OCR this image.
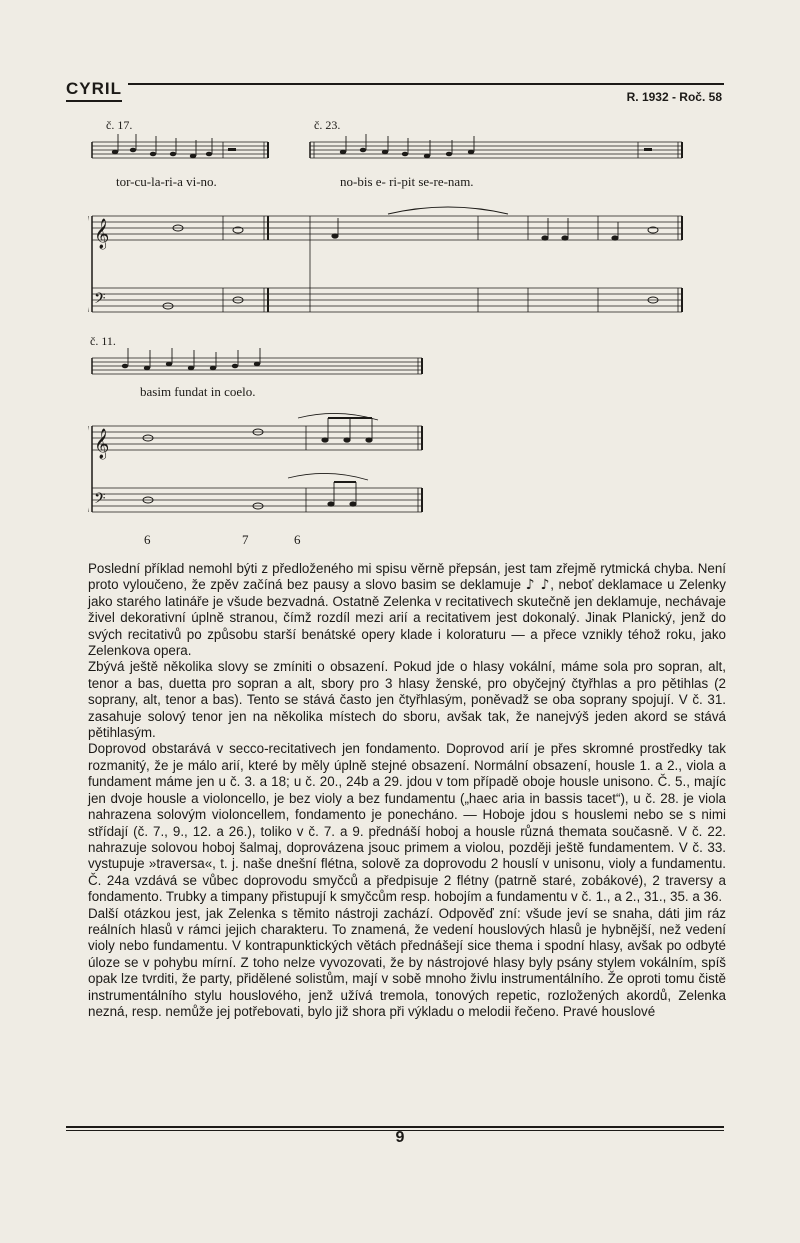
CYRIL	R. 1932 - Roč. 58
𝄞
𝄞
𝄢
𝄢
č. 17.	č. 23.
tor-cu-la-ri-a vi-no.	no-bis e- ri-pit se-re-nam.
č. 11.
basim fundat in coelo.
6	7	6

Poslední příklad nemohl býti z předloženého mi spisu věrně přepsán, jest tam zřejmě rytmická chyba. Není proto vyloučeno, že zpěv začíná bez pausy a slovo basim se deklamuje ♪ ♪, neboť deklamace u Zelenky jako starého latináře je všude bezvadná. Ostatně Zelenka v recitativech skutečně jen deklamuje, nechávaje živel dekorativní úplně stranou, čímž rozdíl mezi arií a recitativem jest dokonalý. Jinak Planický, jenž do svých recitativů po způsobu starší benátské opery klade i koloraturu — a přece vznikly téhož roku, jako Zelenkova opera.

Zbývá ještě několika slovy se zmíniti o obsazení. Pokud jde o hlasy vokální, máme sola pro sopran, alt, tenor a bas, duetta pro sopran a alt, sbory pro 3 hlasy ženské, pro obyčejný čtyřhlas a pro pětihlas (2 soprany, alt, tenor a bas). Tento se stává často jen čtyřhlasým, poněvadž se oba soprany spojují. V č. 31. zasahuje solový tenor jen na několika místech do sboru, avšak tak, že nanejvýš jeden akord se stává pětihlasým.

Doprovod obstarává v secco-recitativech jen fondamento. Doprovod arií je přes skromné prostředky tak rozmanitý, že je málo arií, které by měly úplně stejné obsazení. Normální obsazení, housle 1. a 2., viola a fundament máme jen u č. 3. a 18; u č. 20., 24b a 29. jdou v tom případě oboje housle unisono. Č. 5., majíc jen dvoje housle a violoncello, je bez violy a bez fundamentu („haec aria in bassis tacet“), u č. 28. je viola nahrazena solovým violoncellem, fondamento je ponecháno. — Hoboje jdou s houslemi nebo se s nimi střídají (č. 7., 9., 12. a 26.), toliko v č. 7. a 9. přednáší hoboj a housle různá themata současně. V č. 22. nahrazuje solovou hoboj šalmaj, doprovázena jsouc primem a violou, později ještě fundamentem. V č. 33. vystupuje »traversa«, t. j. naše dnešní flétna, solově za doprovodu 2 houslí v unisonu, violy a fundamentu. Č. 24a vzdává se vůbec doprovodu smyčců a předpisuje 2 flétny (patrně staré, zobákové), 2 traversy a fondamento. Trubky a timpany přistupují k smyčcům resp. hobojím a fundamentu v č. 1., a 2., 31., 35. a 36.

Další otázkou jest, jak Zelenka s těmito nástroji zachází. Odpověď zní: všude jeví se snaha, dáti jim ráz reálních hlasů v rámci jejich charakteru. To znamená, že vedení houslových hlasů je hybnější, než vedení violy nebo fundamentu. V kontrapunktických větách přednášejí sice thema i spodní hlasy, avšak po odbyté úloze se v pohybu mírní. Z toho nelze vyvozovati, že by nástrojové hlasy byly psány stylem vokálním, spíš opak lze tvrditi, že party, přidělené solistům, mají v sobě mnoho živlu instrumentálního. Že oproti tomu čistě instrumentálního stylu houslového, jenž užívá tremola, tonových repetic, rozložených akordů, Zelenka nezná, resp. nemůže jej potřebovati, bylo již shora při výkladu o melodii řečeno. Pravé houslové

9
